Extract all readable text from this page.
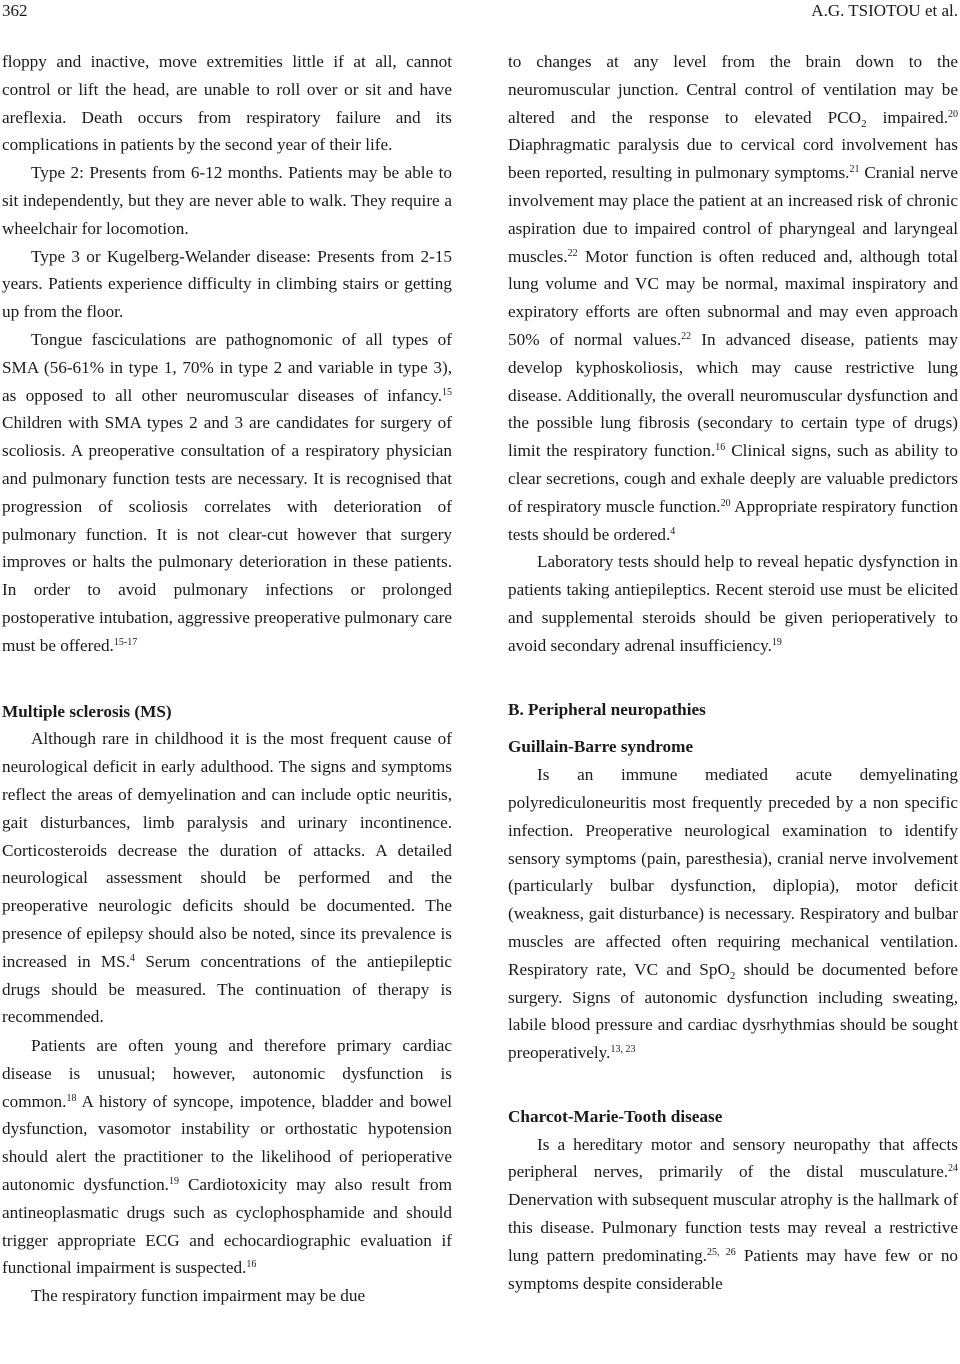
362	A.G. TSIOTOU et al.

floppy and inactive, move extremities little if at all, cannot control or lift the head, are unable to roll over or sit and have areflexia. Death occurs from respiratory failure and its complications in patients by the second year of their life.

Type 2: Presents from 6-12 months. Patients may be able to sit independently, but they are never able to walk. They require a wheelchair for locomotion.

Type 3 or Kugelberg-Welander disease: Presents from 2-15 years. Patients experience difficulty in climbing stairs or getting up from the floor.

Tongue fasciculations are pathognomonic of all types of SMA (56-61% in type 1, 70% in type 2 and variable in type 3), as opposed to all other neuromuscular diseases of infancy.$^{15}$ Children with SMA types 2 and 3 are candidates for surgery of scoliosis. A preoperative consultation of a respiratory physician and pulmonary function tests are necessary. It is recognised that progression of scoliosis correlates with deterioration of pulmonary function. It is not clear-cut however that surgery improves or halts the pulmonary deterioration in these patients. In order to avoid pulmonary infections or prolonged postoperative intubation, aggressive preoperative pulmonary care must be offered.$^{15-17}$

Multiple sclerosis (MS)

Although rare in childhood it is the most frequent cause of neurological deficit in early adulthood. The signs and symptoms reflect the areas of demyelination and can include optic neuritis, gait disturbances, limb paralysis and urinary incontinence. Corticosteroids decrease the duration of attacks. A detailed neurological assessment should be performed and the preoperative neurologic deficits should be documented. The presence of epilepsy should also be noted, since its prevalence is increased in MS.$^4$ Serum concentrations of the antiepileptic drugs should be measured. The continuation of therapy is recommended.

Patients are often young and therefore primary cardiac disease is unusual; however, autonomic dysfunction is common.$^{18}$ A history of syncope, impotence, bladder and bowel dysfunction, vasomotor instability or orthostatic hypotension should alert the practitioner to the likelihood of perioperative autonomic dysfunction.$^{19}$ Cardiotoxicity may also result from antineoplasmatic drugs such as cyclophosphamide and should trigger appropriate ECG and echocardiographic evaluation if functional impairment is suspected.$^{16}$

The respiratory function impairment may be due

to changes at any level from the brain down to the neuromuscular junction. Central control of ventilation may be altered and the response to elevated $PCO_2$ impaired.$^{20}$ Diaphragmatic paralysis due to cervical cord involvement has been reported, resulting in pulmonary symptoms.$^{21}$ Cranial nerve involvement may place the patient at an increased risk of chronic aspiration due to impaired control of pharyngeal and laryngeal muscles.$^{22}$ Motor function is often reduced and, although total lung volume and VC may be normal, maximal inspiratory and expiratory efforts are often subnormal and may even approach 50% of normal values.$^{22}$ In advanced disease, patients may develop kyphoskoliosis, which may cause restrictive lung disease. Additionally, the overall neuromuscular dysfunction and the possible lung fibrosis (secondary to certain type of drugs) limit the respiratory function.$^{16}$ Clinical signs, such as ability to clear secretions, cough and exhale deeply are valuable predictors of respiratory muscle function.$^{20}$ Appropriate respiratory function tests should be ordered.$^4$

Laboratory tests should help to reveal hepatic dysfynction in patients taking antiepileptics. Recent steroid use must be elicited and supplemental steroids should be given perioperatively to avoid secondary adrenal insufficiency.$^{19}$

B. Peripheral neuropathies
Guillain-Barre syndrome

Is an immune mediated acute demyelinating polyrediculoneuritis most frequently preceded by a non specific infection. Preoperative neurological examination to identify sensory symptoms (pain, paresthesia), cranial nerve involvement (particularly bulbar dysfunction, diplopia), motor deficit (weakness, gait disturbance) is necessary. Respiratory and bulbar muscles are affected often requiring mechanical ventilation. Respiratory rate, VC and SpO$_2$ should be documented before surgery. Signs of autonomic dysfunction including sweating, labile blood pressure and cardiac dysrhythmias should be sought preoperatively.$^{13, 23}$

Charcot-Marie-Tooth disease

Is a hereditary motor and sensory neuropathy that affects peripheral nerves, primarily of the distal musculature.$^{24}$ Denervation with subsequent muscular atrophy is the hallmark of this disease. Pulmonary function tests may reveal a restrictive lung pattern predominating.$^{25, 26}$ Patients may have few or no symptoms despite considerable
